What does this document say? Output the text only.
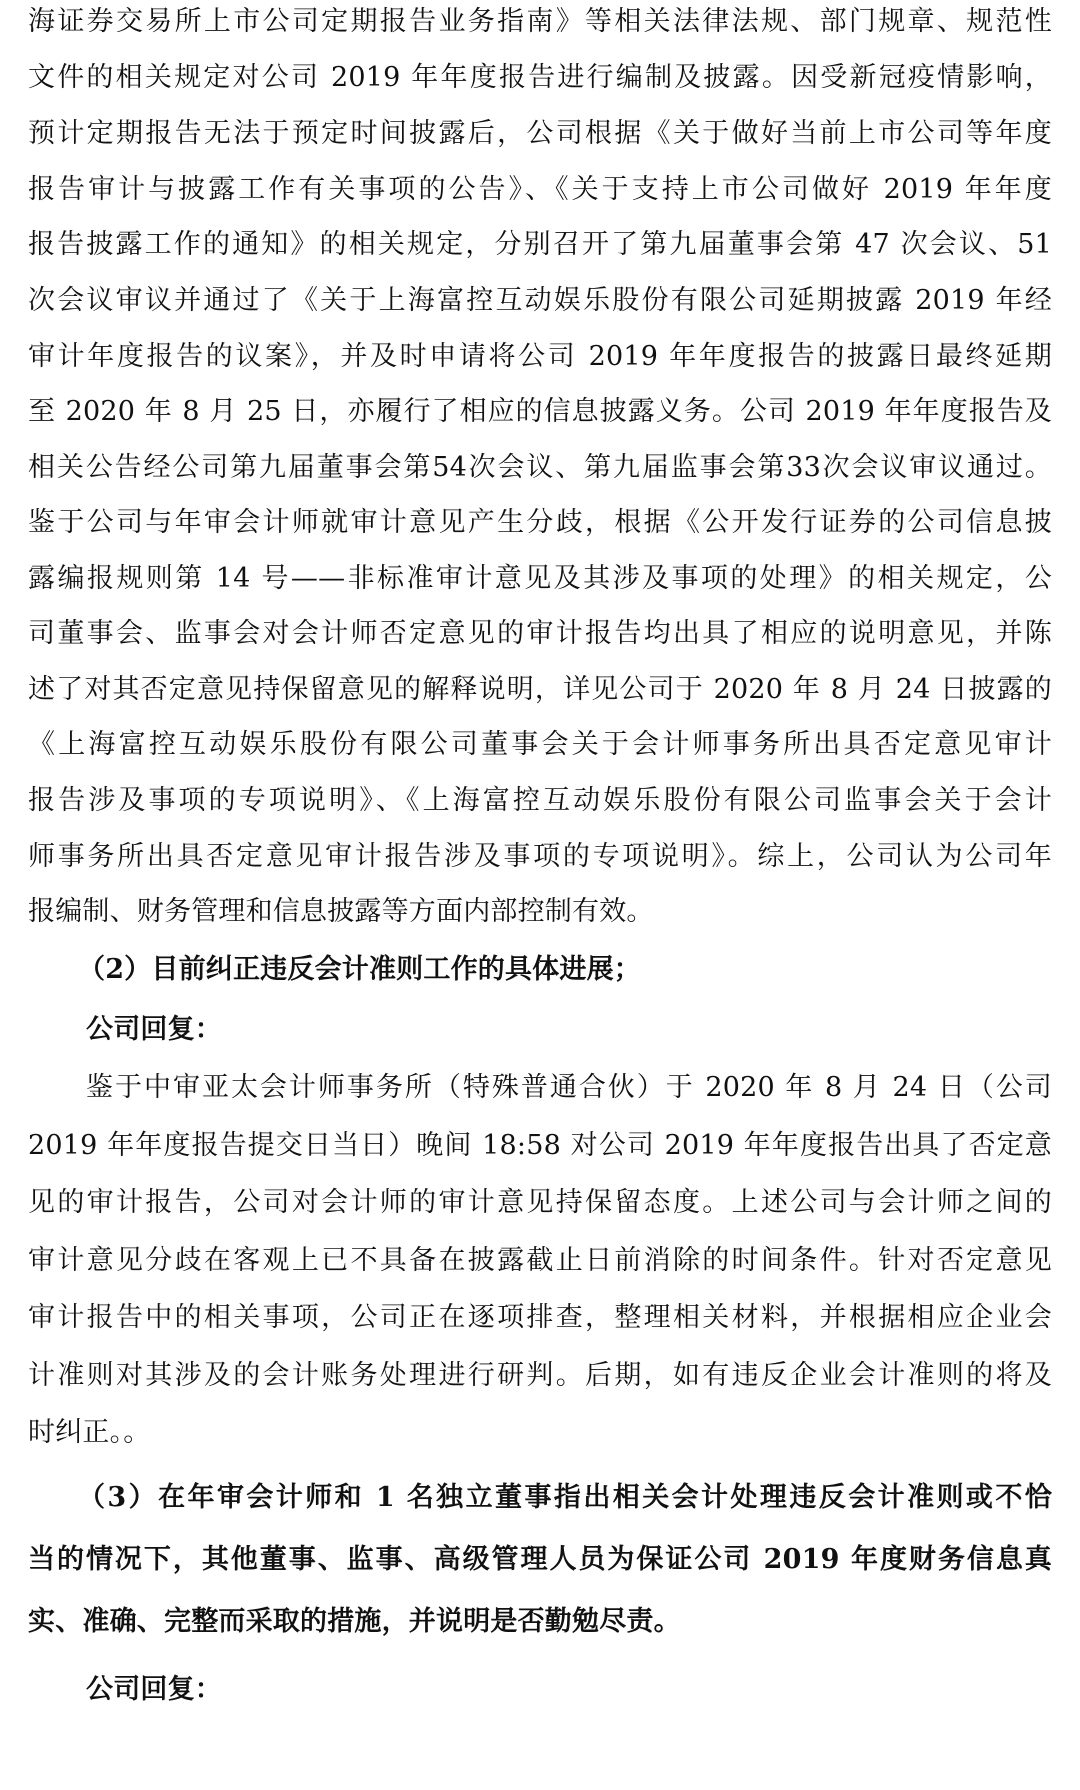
海证券交易所上市公司定期报告业务指南》等相关法律法规、部门规章、规范性
文件的相关规定对公司 2019 年年度报告进行编制及披露。因受新冠疫情影响，
预计定期报告无法于预定时间披露后，公司根据《关于做好当前上市公司等年度
报告审计与披露工作有关事项的公告》、《关于支持上市公司做好 2019 年年度
报告披露工作的通知》的相关规定，分别召开了第九届董事会第 47 次会议、51
次会议审议并通过了《关于上海富控互动娱乐股份有限公司延期披露 2019 年经
审计年度报告的议案》，并及时申请将公司 2019 年年度报告的披露日最终延期
至 2020 年 8 月 25 日，亦履行了相应的信息披露义务。公司 2019 年年度报告及
相关公告经公司第九届董事会第54次会议、第九届监事会第33次会议审议通过。
鉴于公司与年审会计师就审计意见产生分歧，根据《公开发行证券的公司信息披
露编报规则第 14 号——非标准审计意见及其涉及事项的处理》的相关规定，公
司董事会、监事会对会计师否定意见的审计报告均出具了相应的说明意见，并陈
述了对其否定意见持保留意见的解释说明，详见公司于 2020 年 8 月 24 日披露的
《上海富控互动娱乐股份有限公司董事会关于会计师事务所出具否定意见审计
报告涉及事项的专项说明》、《上海富控互动娱乐股份有限公司监事会关于会计
师事务所出具否定意见审计报告涉及事项的专项说明》。综上，公司认为公司年
报编制、财务管理和信息披露等方面内部控制有效。
（2）目前纠正违反会计准则工作的具体进展；
公司回复：
鉴于中审亚太会计师事务所（特殊普通合伙）于 2020 年 8 月 24 日（公司
2019 年年度报告提交日当日）晚间 18:58 对公司 2019 年年度报告出具了否定意
见的审计报告，公司对会计师的审计意见持保留态度。上述公司与会计师之间的
审计意见分歧在客观上已不具备在披露截止日前消除的时间条件。针对否定意见
审计报告中的相关事项，公司正在逐项排查，整理相关材料，并根据相应企业会
计准则对其涉及的会计账务处理进行研判。后期，如有违反企业会计准则的将及
时纠正。。
（3）在年审会计师和 1 名独立董事指出相关会计处理违反会计准则或不恰
当的情况下，其他董事、监事、高级管理人员为保证公司 2019 年度财务信息真
实、准确、完整而采取的措施，并说明是否勤勉尽责。
公司回复：
